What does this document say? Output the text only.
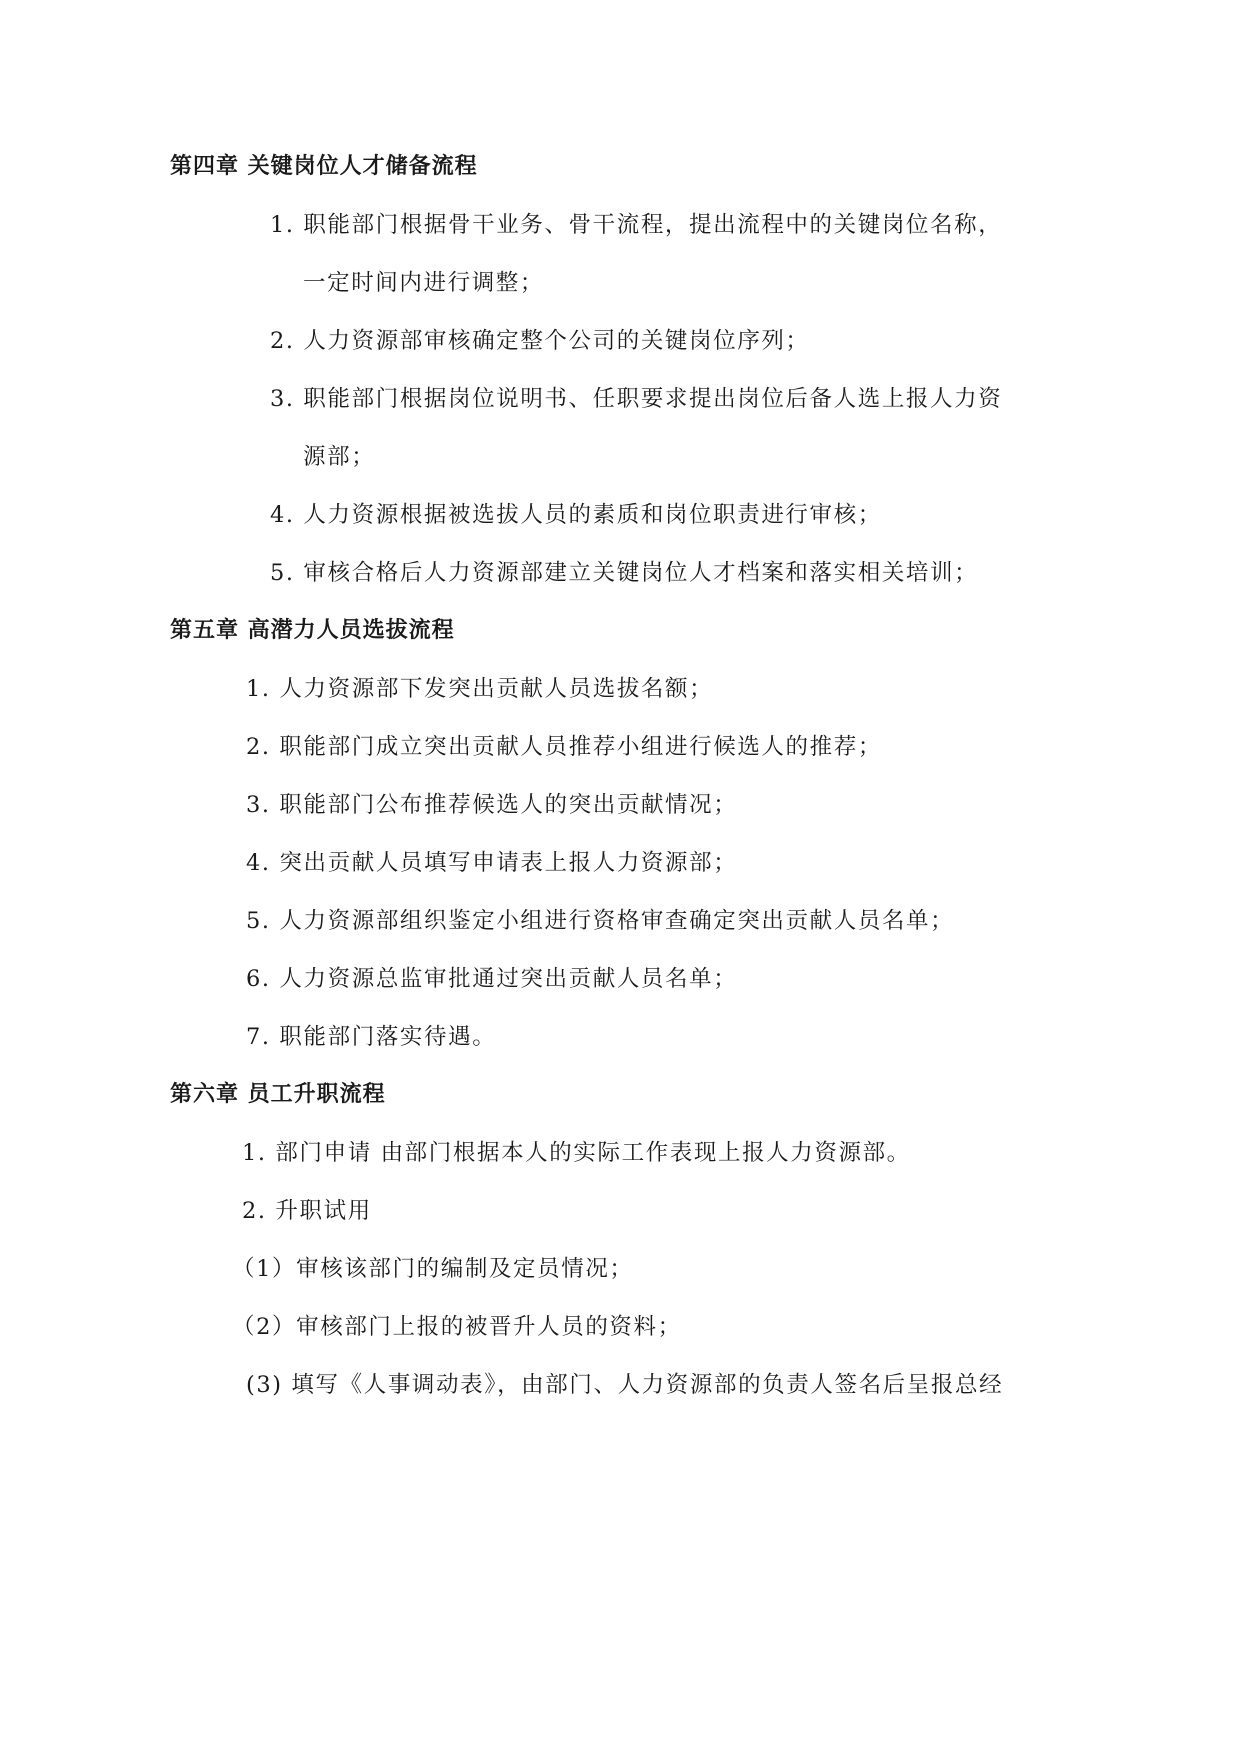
第四章 关键岗位人才储备流程
1. 职能部门根据骨干业务、骨干流程，提出流程中的关键岗位名称，
一定时间内进行调整；
2. 人力资源部审核确定整个公司的关键岗位序列；
3. 职能部门根据岗位说明书、任职要求提出岗位后备人选上报人力资
源部；
4. 人力资源根据被选拔人员的素质和岗位职责进行审核；
5. 审核合格后人力资源部建立关键岗位人才档案和落实相关培训；
第五章 高潜力人员选拔流程
1. 人力资源部下发突出贡献人员选拔名额；
2. 职能部门成立突出贡献人员推荐小组进行候选人的推荐；
3. 职能部门公布推荐候选人的突出贡献情况；
4. 突出贡献人员填写申请表上报人力资源部；
5. 人力资源部组织鉴定小组进行资格审查确定突出贡献人员名单；
6. 人力资源总监审批通过突出贡献人员名单；
7. 职能部门落实待遇。
第六章 员工升职流程
1. 部门申请 由部门根据本人的实际工作表现上报人力资源部。
2. 升职试用
（1）审核该部门的编制及定员情况；
（2）审核部门上报的被晋升人员的资料；
(3) 填写《人事调动表》，由部门、人力资源部的负责人签名后呈报总经
